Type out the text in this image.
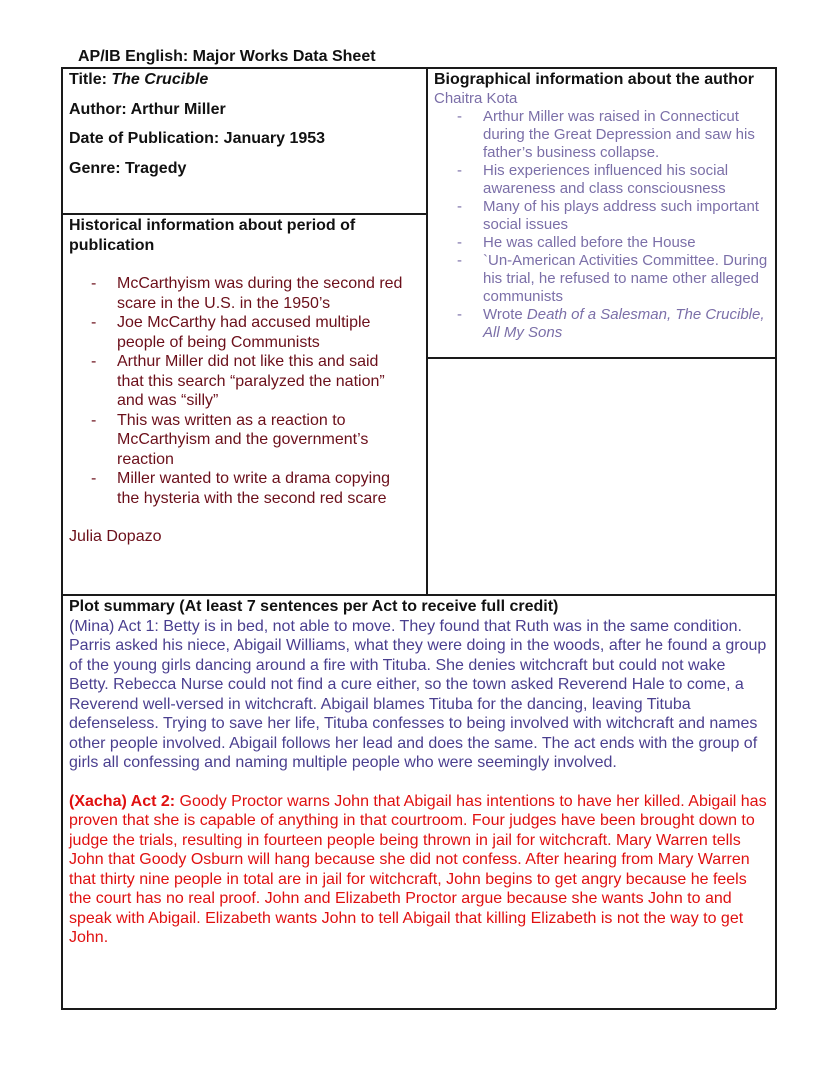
AP/IB English: Major Works Data Sheet
Title: The Crucible
Author: Arthur Miller
Date of Publication: January 1953
Genre: Tragedy
Historical information about period of publication
- McCarthyism was during the second red scare in the U.S. in the 1950’s
- Joe McCarthy had accused multiple people of being Communists
- Arthur Miller did not like this and said that this search “paralyzed the nation” and was “silly”
- This was written as a reaction to McCarthyism and the government’s reaction
- Miller wanted to write a drama copying the hysteria with the second red scare
Julia Dopazo
Biographical information about the author
Chaitra Kota
- Arthur Miller was raised in Connecticut during the Great Depression and saw his father’s business collapse.
- His experiences influenced his social awareness and class consciousness
- Many of his plays address such important social issues
- He was called before the House
- `Un-American Activities Committee. During his trial, he refused to name other alleged communists
- Wrote Death of a Salesman, The Crucible, All My Sons
Plot summary (At least 7 sentences per Act to receive full credit)

(Mina) Act 1: Betty is in bed, not able to move. They found that Ruth was in the same condition. Parris asked his niece, Abigail Williams, what they were doing in the woods, after he found a group of the young girls dancing around a fire with Tituba. She denies witchcraft but could not wake Betty. Rebecca Nurse could not find a cure either, so the town asked Reverend Hale to come, a Reverend well-versed in witchcraft. Abigail blames Tituba for the dancing, leaving Tituba defenseless. Trying to save her life, Tituba confesses to being involved with witchcraft and names other people involved. Abigail follows her lead and does the same. The act ends with the group of girls all confessing and naming multiple people who were seemingly involved.

(Xacha) Act 2: Goody Proctor warns John that Abigail has intentions to have her killed. Abigail has proven that she is capable of anything in that courtroom. Four judges have been brought down to judge the trials, resulting in fourteen people being thrown in jail for witchcraft. Mary Warren tells John that Goody Osburn will hang because she did not confess. After hearing from Mary Warren that thirty nine people in total are in jail for witchcraft, John begins to get angry because he feels the court has no real proof. John and Elizabeth Proctor argue because she wants John to and speak with Abigail. Elizabeth wants John to tell Abigail that killing Elizabeth is not the way to get John.
